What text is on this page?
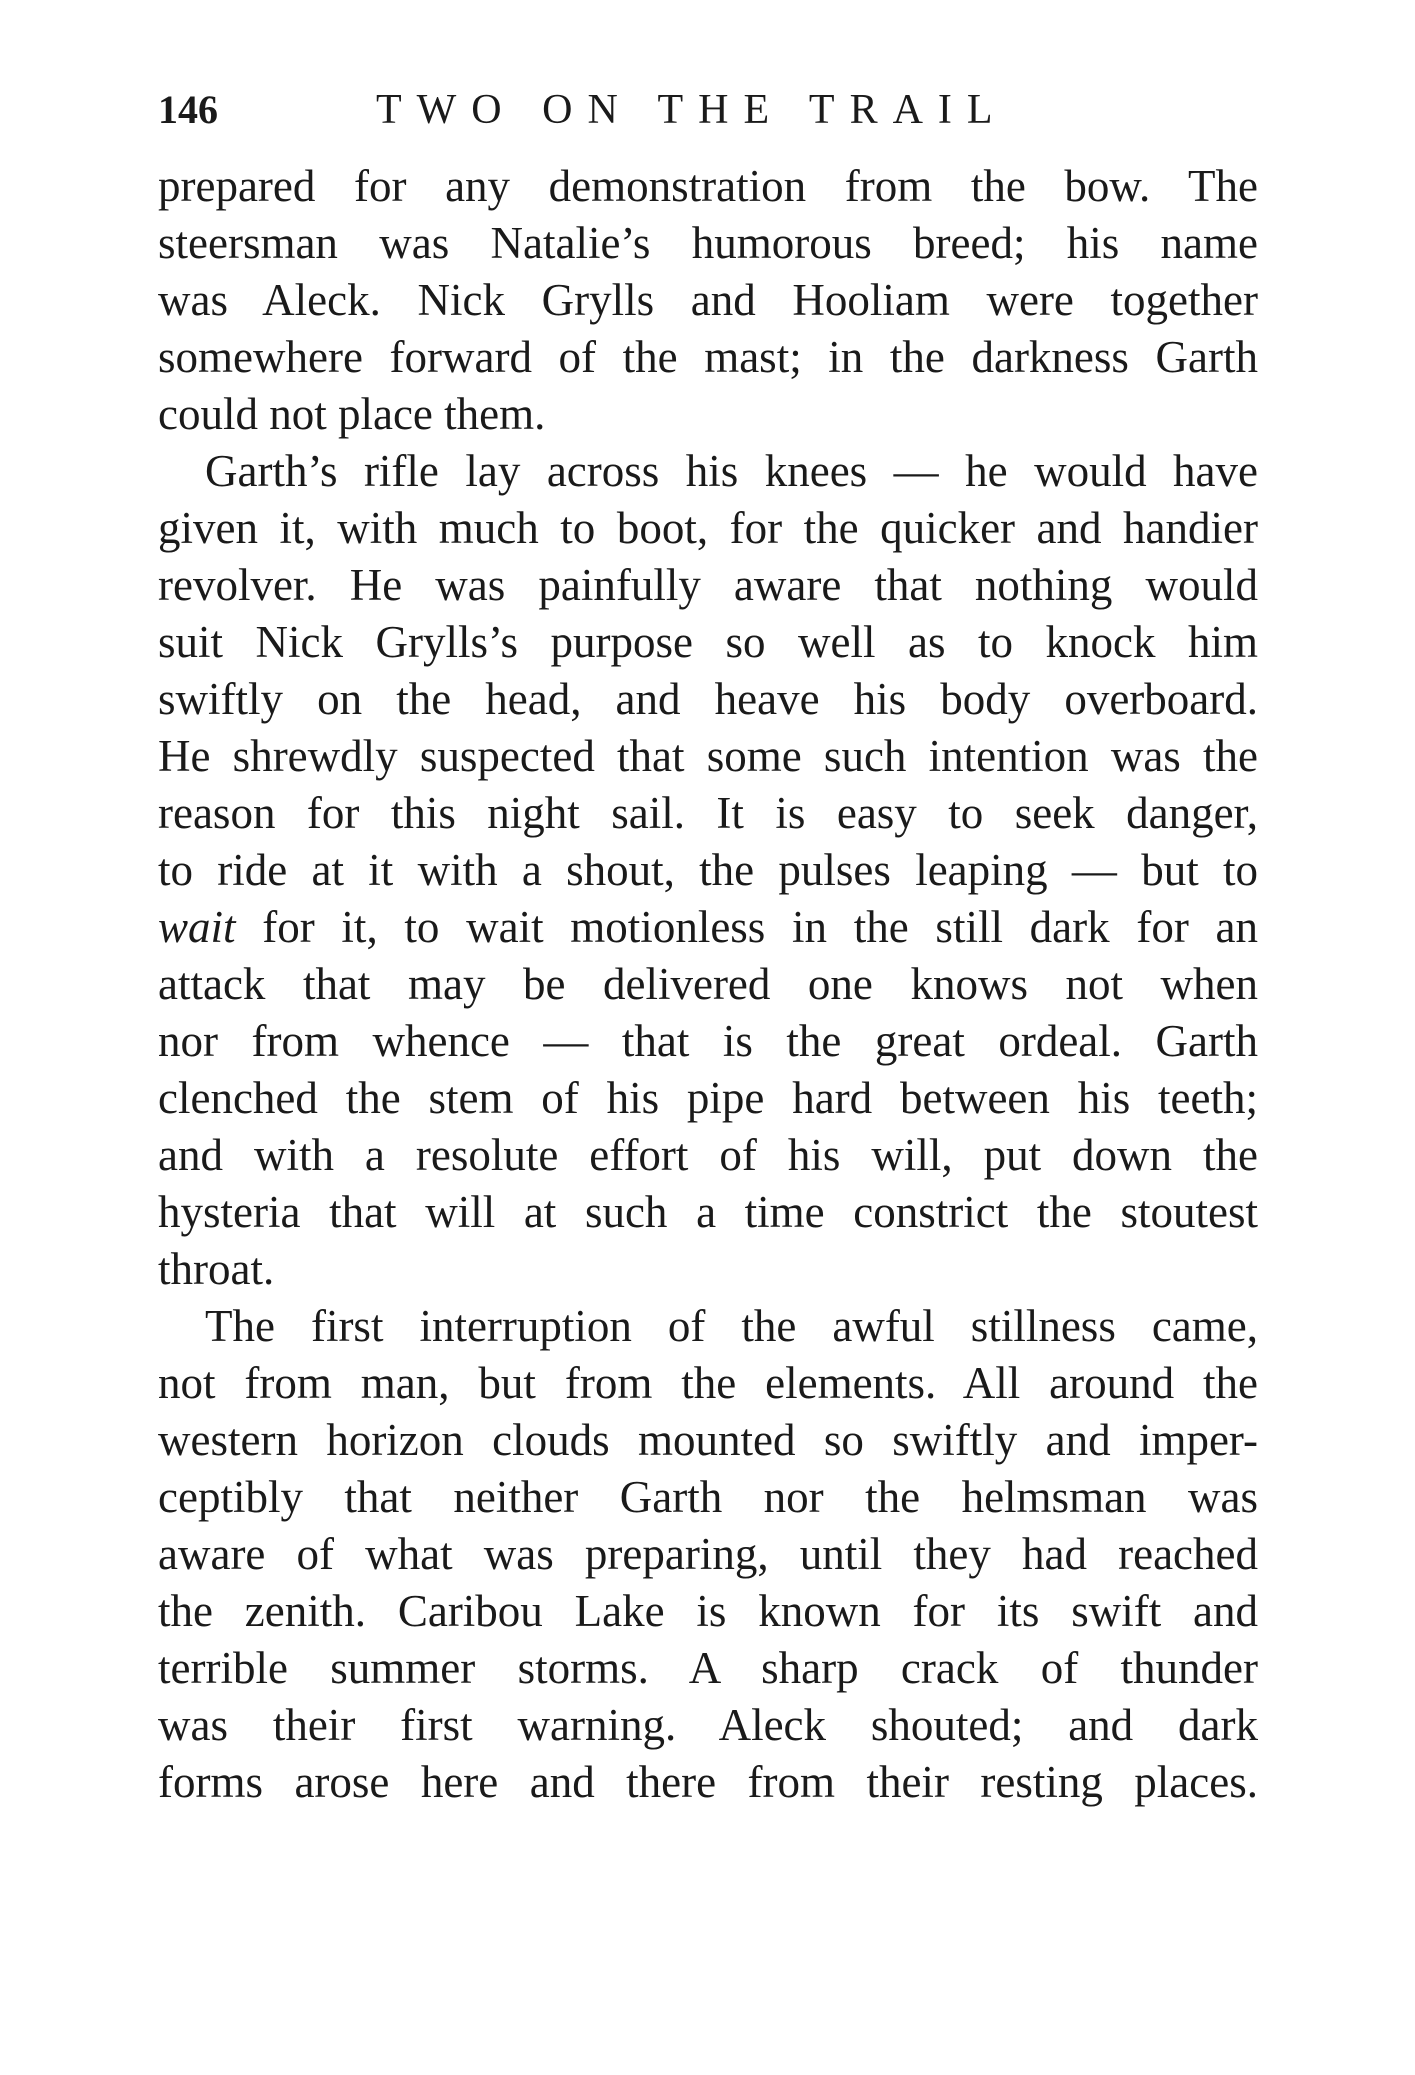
146	TWO ON THE TRAIL
prepared for any demonstration from the bow. The
steersman was Natalie’s humorous breed; his name
was Aleck. Nick Grylls and Hooliam were together
somewhere forward of the mast; in the darkness Garth
could not place them.
Garth’s rifle lay across his knees — he would have
given it, with much to boot, for the quicker and handier
revolver. He was painfully aware that nothing would
suit Nick Grylls’s purpose so well as to knock him
swiftly on the head, and heave his body overboard.
He shrewdly suspected that some such intention was the
reason for this night sail. It is easy to seek danger,
to ride at it with a shout, the pulses leaping — but to
wait for it, to wait motionless in the still dark for an
attack that may be delivered one knows not when
nor from whence — that is the great ordeal. Garth
clenched the stem of his pipe hard between his teeth;
and with a resolute effort of his will, put down the
hysteria that will at such a time constrict the stoutest
throat.
The first interruption of the awful stillness came,
not from man, but from the elements. All around the
western horizon clouds mounted so swiftly and imper-
ceptibly that neither Garth nor the helmsman was
aware of what was preparing, until they had reached
the zenith. Caribou Lake is known for its swift and
terrible summer storms. A sharp crack of thunder
was their first warning. Aleck shouted; and dark
forms arose here and there from their resting places.
